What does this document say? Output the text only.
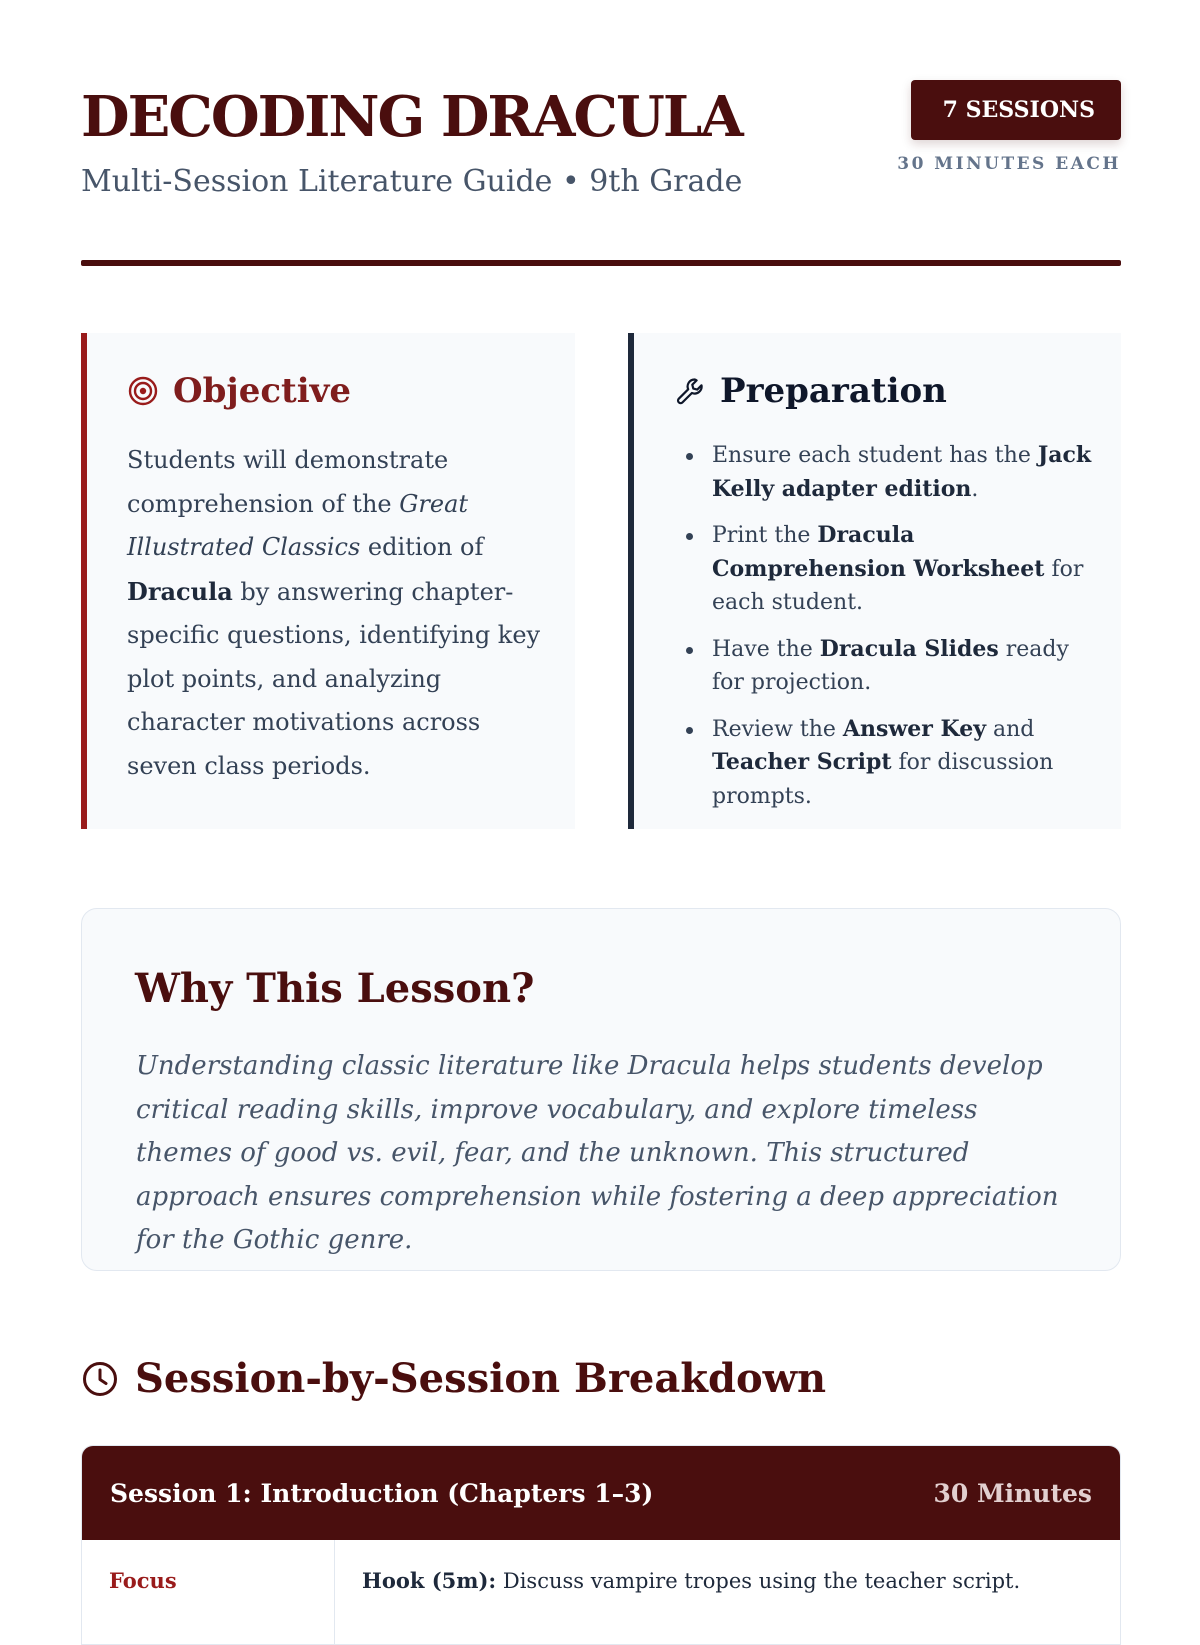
DECODING DRACULA
Multi-Session Literature Guide • 9th Grade
7 SESSIONS
30 MINUTES EACH
Objective
Students will demonstrate comprehension of the Great Illustrated Classics edition of Dracula by answering chapter-specific questions, identifying key plot points, and analyzing character motivations across seven class periods.
Preparation
Ensure each student has the Jack Kelly adapter edition.
Print the Dracula Comprehension Worksheet for each student.
Have the Dracula Slides ready for projection.
Review the Answer Key and Teacher Script for discussion prompts.
Why This Lesson?
Understanding classic literature like Dracula helps students develop critical reading skills, improve vocabulary, and explore timeless themes of good vs. evil, fear, and the unknown. This structured approach ensures comprehension while fostering a deep appreciation for the Gothic genre.
Session-by-Session Breakdown
Session 1: Introduction (Chapters 1–3)	30 Minutes
Focus	Hook (5m): Discuss vampire tropes using the teacher script.
